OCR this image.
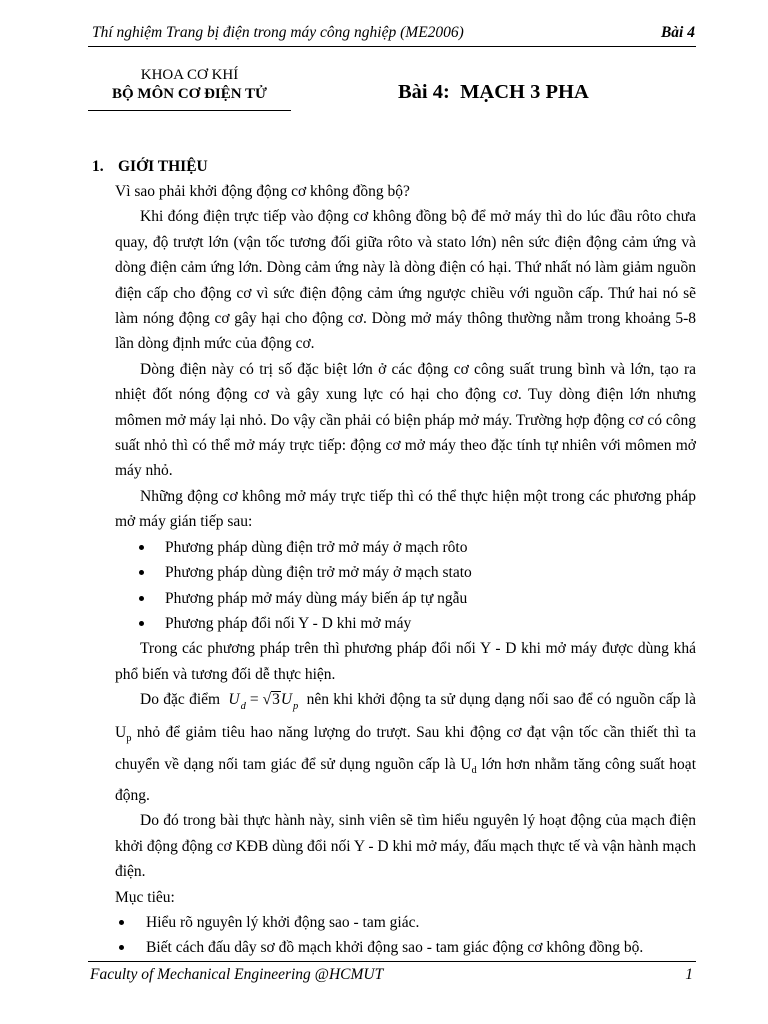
Thí nghiệm Trang bị điện trong máy công nghiệp (ME2006)	Bài 4
KHOA CƠ KHÍ
BỘ MÔN CƠ ĐIỆN TỬ	Bài 4:  MẠCH 3 PHA
1. GIỚI THIỆU

Vì sao phải khởi động động cơ không đồng bộ?

Khi đóng điện trực tiếp vào động cơ không đồng bộ để mở máy thì do lúc đầu rôto chưa quay, độ trượt lớn (vận tốc tương đối giữa rôto và stato lớn) nên sức điện động cảm ứng và dòng điện cảm ứng lớn. Dòng cảm ứng này là dòng điện có hại. Thứ nhất nó làm giảm nguồn điện cấp cho động cơ vì sức điện động cảm ứng ngược chiều với nguồn cấp. Thứ hai nó sẽ làm nóng động cơ gây hại cho động cơ. Dòng mở máy thông thường nằm trong khoảng 5-8 lần dòng định mức của động cơ.

Dòng điện này có trị số đặc biệt lớn ở các động cơ công suất trung bình và lớn, tạo ra nhiệt đốt nóng động cơ và gây xung lực có hại cho động cơ. Tuy dòng điện lớn nhưng mômen mở máy lại nhỏ. Do vậy cần phải có biện pháp mở máy. Trường hợp động cơ có công suất nhỏ thì có thể mở máy trực tiếp: động cơ mở máy theo đặc tính tự nhiên với mômen mở máy nhỏ.

Những động cơ không mở máy trực tiếp thì có thể thực hiện một trong các phương pháp mở máy gián tiếp sau:

Phương pháp dùng điện trở mở máy ở mạch rôto
Phương pháp dùng điện trở mở máy ở mạch stato
Phương pháp mở máy dùng máy biến áp tự ngẫu
Phương pháp đổi nối Y - D khi mở máy

Trong các phương pháp trên thì phương pháp đổi nối Y - D khi mở máy được dùng khá phổ biến và tương đối dễ thực hiện.

Do đặc điểm $U_d = √3U_p$ nên khi khởi động ta sử dụng dạng nối sao để có nguồn cấp là $U_p$ nhỏ để giảm tiêu hao năng lượng do trượt. Sau khi động cơ đạt vận tốc cần thiết thì ta chuyển về dạng nối tam giác để sử dụng nguồn cấp là $U_d$ lớn hơn nhằm tăng công suất hoạt động.

Do đó trong bài thực hành này, sinh viên sẽ tìm hiểu nguyên lý hoạt động của mạch điện khởi động động cơ KĐB dùng đổi nối Y - D khi mở máy, đấu mạch thực tế và vận hành mạch điện.

Mục tiêu:

Hiểu rõ nguyên lý khởi động sao - tam giác.
Biết cách đấu dây sơ đồ mạch khởi động sao - tam giác động cơ không đồng bộ.
Faculty of Mechanical Engineering @HCMUT	1
